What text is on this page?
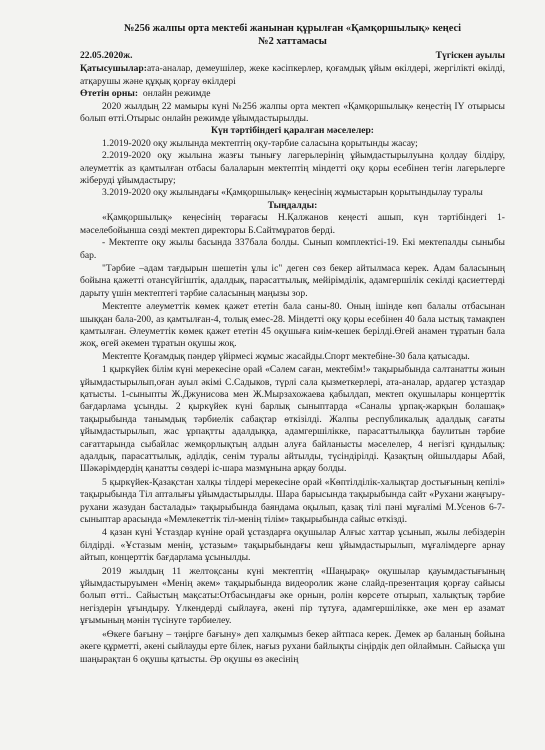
№256 жалпы орта мектебі жанынан құрылған «Қамқоршылық» кеңесі
№2 хаттамасы
22.05.2020ж.	Түгіскен ауылы

Қатысушылар:ата-аналар, демеушілер, жеке кәсіпкерлер, қоғамдық ұйым өкілдері, жергілікті өкілді, атқарушы және құқық қорғау өкілдері

Өтетін орны: онлайн режимде

2020 жылдың 22 мамыры күні №256 жалпы орта мектеп «Қамқоршылық» кеңестің ІҮ отырысы болып өтті.Отырыс онлайн режимде ұйымдастырылды.

Күн тәртібіндегі қаралған мәселелер:

1.2019-2020 оқу жылында мектептің оқу-тәрбие саласына қорытынды жасау;

2.2019-2020 оқу жылына жазғы тынығу лагерьлерінің ұйымдастырылуына қолдау білдіру, әлеуметтік аз қамтылған отбасы балаларын мектептің міндетті оқу қоры есебінен тегін лагерьлерге жіберуді ұйымдастыру;

3.2019-2020 оқу жылындағы «Қамқоршылық» кеңесінің жұмыстарын қорытындылау туралы

Тыңдалды:

«Қамқоршылық» кеңесінің төрағасы Н.Қалжанов кеңесті ашып, күн тәртібіндегі 1-мәселебойынша сөзді мектеп директоры Б.Сайтмұратов берді.

- Мектепте оқу жылы басында 337бала болды. Сынып комплектісі-19. Екі мектепалды сыныбы бар.

"Тәрбие –адам тағдырын шешетін ұлы іс" деген сөз бекер айтылмаса керек. Адам баласының бойына қажетті отансүйгіштік, адалдық, парасаттылық, мейірімділік, адамгершілік секілді қасиеттерді дарыту үшін мектептегі тәрбие саласының маңызы зор.

Мектепте әлеуметтік көмек қажет ететін бала саны-80. Оның ішінде көп балалы отбасынан шыққан бала-200, аз қамтылған-4, толық емес-28. Міндетті оқу қоры есебінен 40 бала ыстық тамақпен қамтылған. Әлеуметтік көмек қажет ететін 45 оқушыға киім-кешек берілді.Өгей анамен тұратын бала жоқ, өгей әкемен тұратын оқушы жоқ.

Мектепте Қоғамдық пәндер үйірмесі жұмыс жасайды.Спорт мектебіне-30 бала қатысады.

1 қыркүйек білім күні мерекесіне орай «Сәлем саған, мектебім!» тақырыбында салтанатты жиын ұйымдастырылып,оған ауыл әкімі С.Садыков, түрлі сала қызметкерлері, ата-аналар, ардагер ұстаздар қатысты. 1-сыныпты Ж.Джунисова мен Ж.Мырзахожаева қабылдап, мектеп оқушылары концерттік бағдарлама ұсынды. 2 қыркүйек күні барлық сыныптарда «Саналы ұрпақ-жарқын болашақ» тақырыбында танымдық тәрбиелік сабақтар өткізілді. Жалпы республикалық адалдық сағаты ұйымдастырылып, жас ұрпақтты адалдыққа, адамгершілікке, парасаттылыққа баулитын тәрбие сағаттарында сыбайлас жемқорлықтың алдын алуға байланысты мәселелер, 4 негізгі құндылық: адалдық, парасаттылық, әділдік, сенім туралы айтылды, түсіндірілді. Қазақтың ойшылдары Абай, Шәкәрімдердің қанатты сөздері іс-шара мазмұнына арқау болды.

5 қыркүйек-Қазақстан халқы тілдері мерекесіне орай «Көптілділік-халықтар достығының кепілі» тақырыбында Тіл апталығы ұйымдастырылды. Шара барысында тақырыбында сайт «Рухани жаңғыру-рухани жазудан басталады» тақырыбында баяндама оқылып, қазақ тілі пәні мұғалімі М.Усенов 6-7-сыныптар арасында «Мемлекеттік тіл-менің тілім» тақырыбында сайыс өткізді.

4 қазан күні Ұстаздар күніне орай ұстаздарға оқушылар Алғыс хаттар ұсынып, жылы лебіздерін білдірді. «Ұстазым менің, ұстазым» тақырыбындағы кеш ұйымдастырылып, мұғалімдерге арнау айтып, концерттік бағдарлама ұсынылды.

2019 жылдың 11 желтоқсаны күні мектептің «Шаңырақ» оқушылар қауымдастығының ұйымдастыруымен «Менің әкем» тақырыбында видеоролик және слайд-презентация қорғау сайысы болып өтті.. Сайыстың мақсаты:Отбасындағы әке орнын, ролін көрсете отырып, халықтық тәрбие негіздерін ұғындыру. Үлкендерді сыйлауға, әкені пір тұтуға, адамгершілікке, әке мен ер азамат ұғымының мәнін түсінуге тәрбиелеу.

«Өкеге бағыну – тәңірге бағыну» деп халқымыз бекер айтпаса керек. Демек әр баланың бойына әкеге құрметті, әкені сыйлауды ерте білек, нағыз рухани байлықты сіңірдік деп ойлаймын. Сайысқа үш шаңырақтан 6 оқушы қатысты. Әр оқушы өз әкесінің
